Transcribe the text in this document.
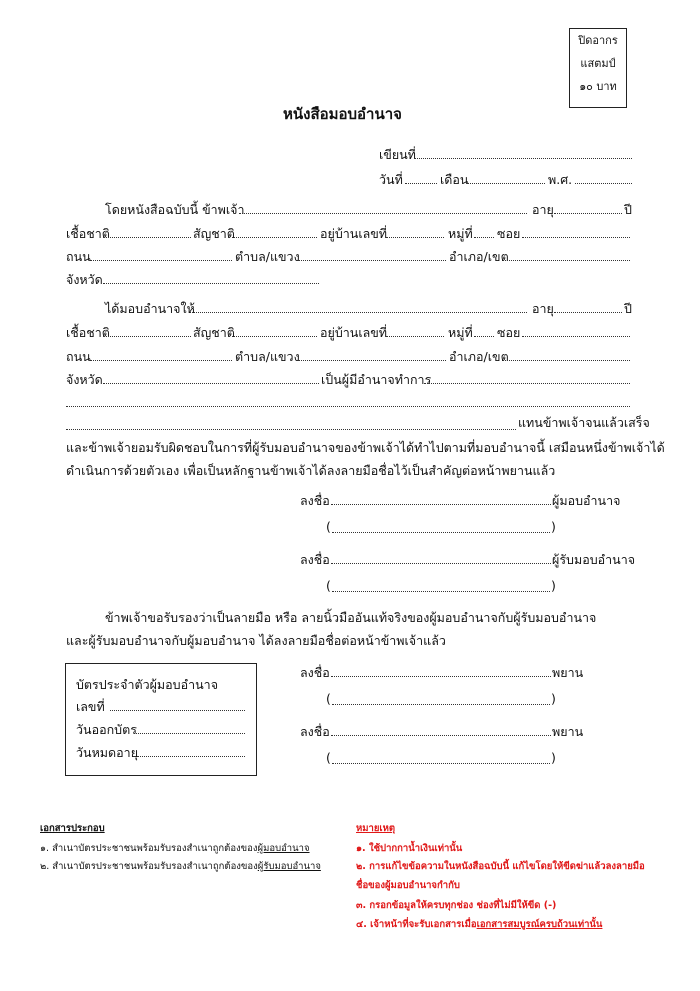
ปิดอากร
แสตมป์
๑๐ บาท
หนังสือมอบอำนาจ
เขียนที่
วันที่	เดือน	พ.ศ.
โดยหนังสือฉบับนี้ ข้าพเจ้า	อายุ	ปี
เชื้อชาติ	สัญชาติ	อยู่บ้านเลขที่	หมู่ที่ ซอย
ถนน	ตำบล/แขวง	อำเภอ/เขต
จังหวัด
ได้มอบอำนาจให้	อายุ	ปี
เชื้อชาติ	สัญชาติ	อยู่บ้านเลขที่	หมู่ที่ ซอย
ถนน	ตำบล/แขวง	อำเภอ/เขต
จังหวัด	เป็นผู้มีอำนาจทำการ
แทนข้าพเจ้าจนแล้วเสร็จ
และข้าพเจ้ายอมรับผิดชอบในการที่ผู้รับมอบอำนาจของข้าพเจ้าได้ทำไปตามที่มอบอำนาจนี้ เสมือนหนึ่งข้าพเจ้าได้
ดำเนินการด้วยตัวเอง เพื่อเป็นหลักฐานข้าพเจ้าได้ลงลายมือชื่อไว้เป็นสำคัญต่อหน้าพยานแล้ว
ลงชื่อ	ผู้มอบอำนาจ
(	)
ลงชื่อ	ผู้รับมอบอำนาจ
(	)
ข้าพเจ้าขอรับรองว่าเป็นลายมือ หรือ ลายนิ้วมืออันแท้จริงของผู้มอบอำนาจกับผู้รับมอบอำนาจ
และผู้รับมอบอำนาจกับผู้มอบอำนาจ ได้ลงลายมือชื่อต่อหน้าข้าพเจ้าแล้ว
บัตรประจำตัวผู้มอบอำนาจ
เลขที่
วันออกบัตร
วันหมดอายุ
ลงชื่อ	พยาน
(	)
ลงชื่อ	พยาน
(	)
เอกสารประกอบ
๑. สำเนาบัตรประชาชนพร้อมรับรองสำเนาถูกต้องของผู้มอบอำนาจ
๒. สำเนาบัตรประชาชนพร้อมรับรองสำเนาถูกต้องของผู้รับมอบอำนาจ
หมายเหตุ
๑. ใช้ปากกาน้ำเงินเท่านั้น
๒. การแก้ไขข้อความในหนังสือฉบับนี้ แก้ไขโดยให้ขีดฆ่าแล้วลงลายมือ
ชื่อของผู้มอบอำนาจกำกับ
๓. กรอกข้อมูลให้ครบทุกช่อง ช่องที่ไม่มีให้ขีด (-)
๔. เจ้าหน้าที่จะรับเอกสารเมื่อเอกสารสมบูรณ์ครบถ้วนเท่านั้น
